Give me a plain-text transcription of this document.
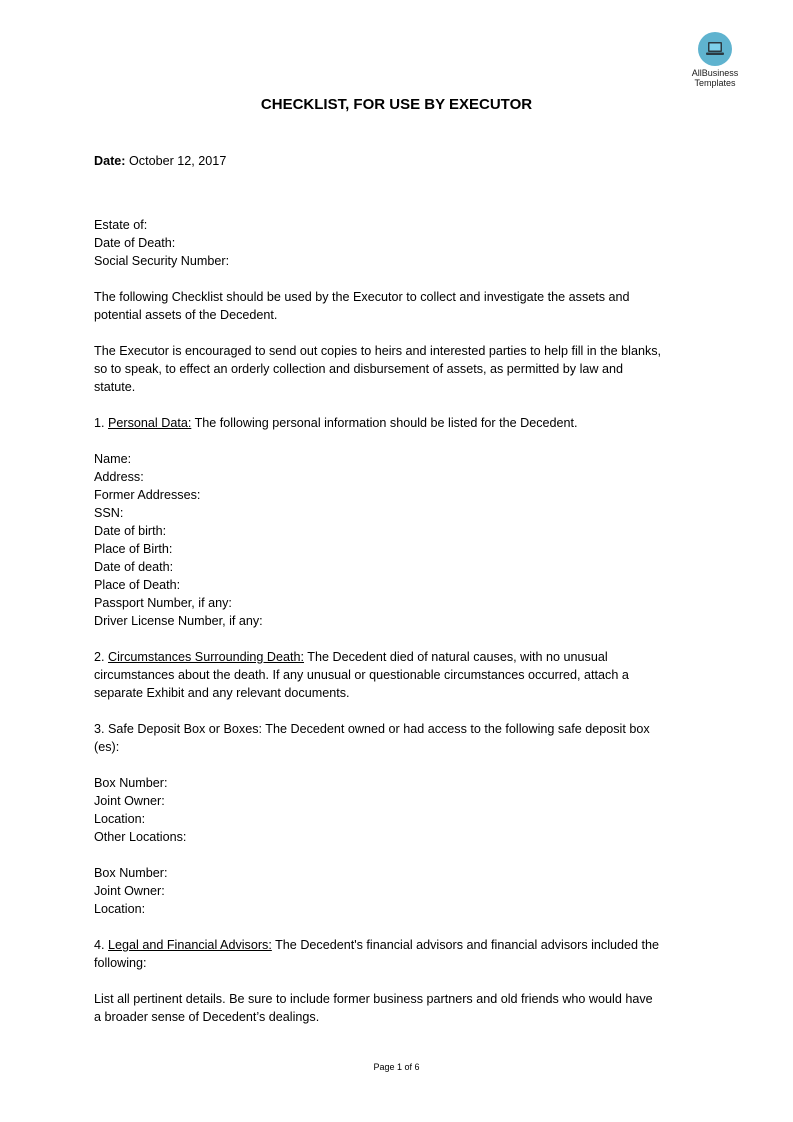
AllBusiness
Templates
CHECKLIST, FOR USE BY EXECUTOR
Date: October 12, 2017
Estate of:
Date of Death:
Social Security Number:
The following Checklist should be used by the Executor to collect and investigate the assets and
potential assets of the Decedent.
The Executor is encouraged to send out copies to heirs and interested parties to help fill in the blanks,
so to speak, to effect an orderly collection and disbursement of assets, as permitted by law and
statute.
1. Personal Data: The following personal information should be listed for the Decedent.
Name:
Address:
Former Addresses:
SSN:
Date of birth:
Place of Birth:
Date of death:
Place of Death:
Passport Number, if any:
Driver License Number, if any:
2. Circumstances Surrounding Death: The Decedent died of natural causes, with no unusual
circumstances about the death. If any unusual or questionable circumstances occurred, attach a
separate Exhibit and any relevant documents.
3. Safe Deposit Box or Boxes: The Decedent owned or had access to the following safe deposit box
(es):
Box Number:
Joint Owner:
Location:
Other Locations:
Box Number:
Joint Owner:
Location:
4. Legal and Financial Advisors: The Decedent's financial advisors and financial advisors included the
following:
List all pertinent details. Be sure to include former business partners and old friends who would have
a broader sense of Decedent’s dealings.
Page 1 of 6
